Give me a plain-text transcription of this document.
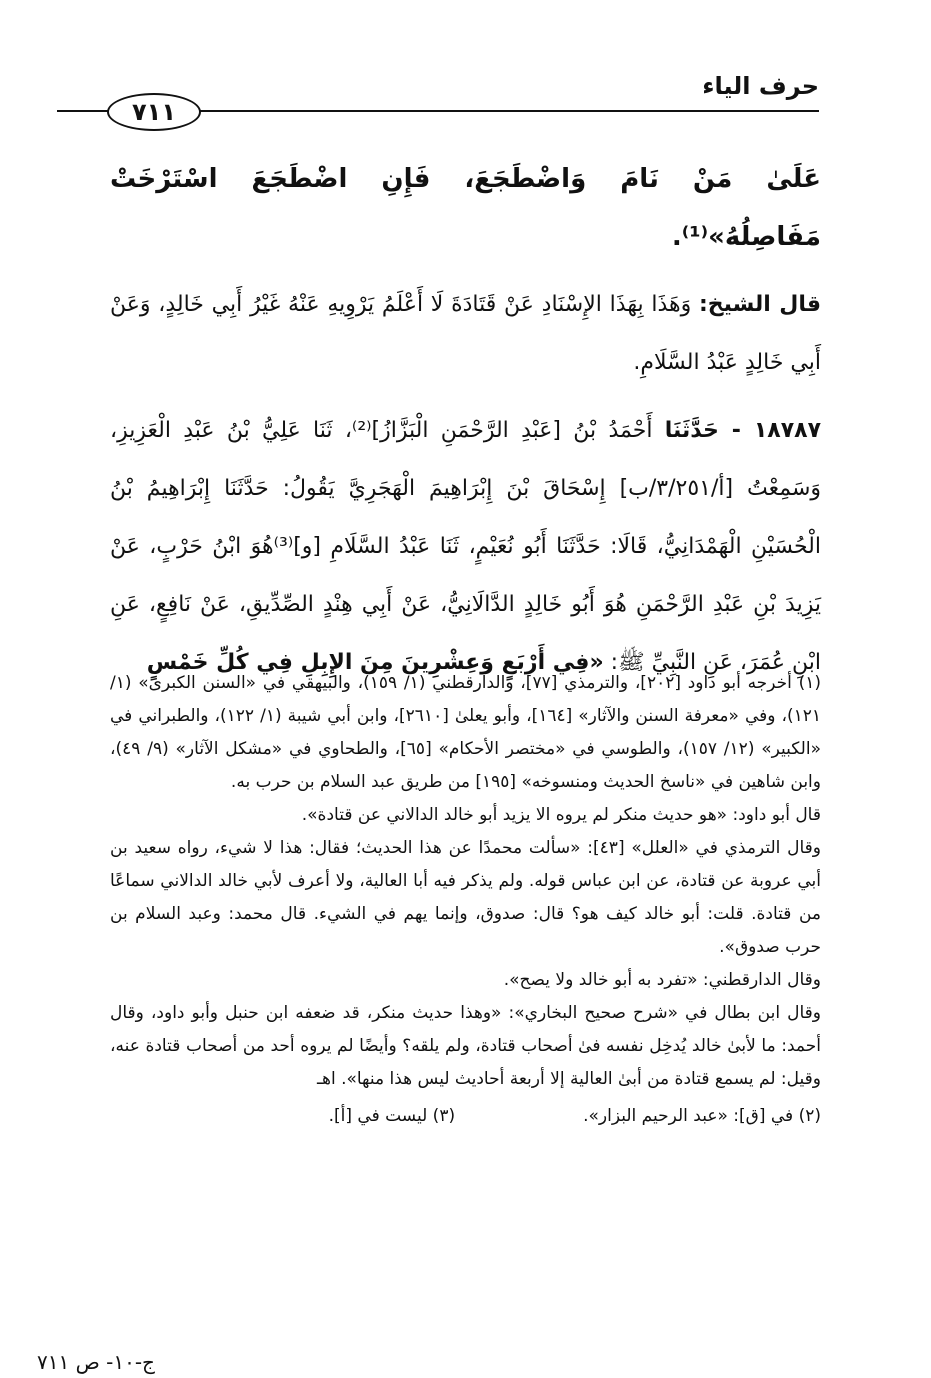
حرف الياء
٧١١

عَلَىٰ مَنْ نَامَ وَاضْطَجَعَ، فَإِنِ اضْطَجَعَ اسْتَرْخَتْ مَفَاصِلُهُ»⁽¹⁾.

قال الشيخ: وَهَذَا بِهَذَا الإِسْنَادِ عَنْ قَتَادَةَ لَا أَعْلَمُ يَرْوِيهِ عَنْهُ غَيْرُ أَبِي خَالِدٍ، وَعَنْ أَبِي خَالِدٍ عَبْدُ السَّلَامِ.

١٨٧٨٧ - حَدَّثَنَا أَحْمَدُ بْنُ [عَبْدِ الرَّحْمَنِ الْبَزَّازُ]⁽²⁾، ثَنَا عَلِيُّ بْنُ عَبْدِ الْعَزِيزِ، وَسَمِعْتُ [أ/٣/٢٥١/ب] إِسْحَاقَ بْنَ إِبْرَاهِيمَ الْهَجَرِيَّ يَقُولُ: حَدَّثَنَا إِبْرَاهِيمُ بْنُ الْحُسَيْنِ الْهَمْدَانِيُّ، قَالَا: حَدَّثَنَا أَبُو نُعَيْمٍ، ثَنَا عَبْدُ السَّلَامِ [و]⁽³⁾هُوَ ابْنُ حَرْبٍ، عَنْ يَزِيدَ بْنِ عَبْدِ الرَّحْمَنِ هُوَ أَبُو خَالِدٍ الدَّالَانِيُّ، عَنْ أَبِي هِنْدٍ الصِّدِّيقِ، عَنْ نَافِعٍ، عَنِ ابْنِ عُمَرَ، عَنِ النَّبِيِّ ﷺ: «فِي أَرْبَعٍ وَعِشْرِينَ مِنَ الإِبِلِ فِي كُلِّ خَمْسٍ

(١) أخرجه أبو داود [٢٠٢]، والترمذي [٧٧]، والدارقطني (١/ ١٥٩)، والبيهقي في «السنن الكبرى» (١/ ١٢١)، وفي «معرفة السنن والآثار» [١٦٤]، وأبو يعلىٰ [٢٦١٠]، وابن أبي شيبة (١/ ١٢٢)، والطبراني في «الكبير» (١٢/ ١٥٧)، والطوسي في «مختصر الأحكام» [٦٥]، والطحاوي في «مشكل الآثار» (٩/ ٤٩)، وابن شاهين في «ناسخ الحديث ومنسوخه» [١٩٥] من طريق عبد السلام بن حرب به.

قال أبو داود: «هو حديث منكر لم يروه الا يزيد أبو خالد الدالاني عن قتادة».

وقال الترمذي في «العلل» [٤٣]: «سألت محمدًا عن هذا الحديث؛ فقال: هذا لا شيء، رواه سعيد بن أبي عروبة عن قتادة، عن ابن عباس قوله. ولم يذكر فيه أبا العالية، ولا أعرف لأبي خالد الدالاني سماعًا من قتادة. قلت: أبو خالد كيف هو؟ قال: صدوق، وإنما يهم في الشيء. قال محمد: وعبد السلام بن حرب صدوق».

وقال الدارقطني: «تفرد به أبو خالد ولا يصح».

وقال ابن بطال في «شرح صحيح البخاري»: «وهذا حديث منكر، قد ضعفه ابن حنبل وأبو داود، وقال أحمد: ما لأبىٰ خالد يُدخِل نفسه فىٰ أصحاب قتادة، ولم يلقه؟ وأيضًا لم يروه أحد من أصحاب قتادة عنه، وقيل: لم يسمع قتادة من أبىٰ العالية إلا أربعة أحاديث ليس هذا منها». اهـ

(٢) في [ق]: «عبد الرحيم البزار».
(٣) ليست في [أ].

ج-١٠- ص ٧١١
